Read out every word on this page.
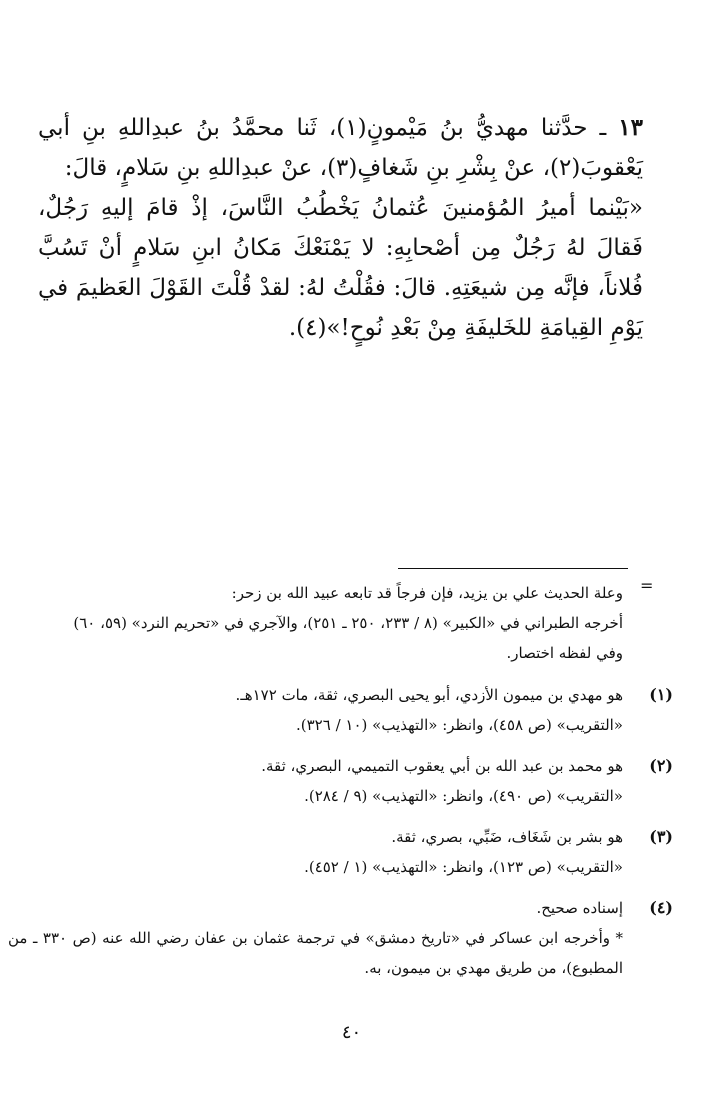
١٣ ـ حدَّثنا مهديُّ بنُ مَيْمونٍ(١)، ثَنا محمَّدُ بنُ عبدِاللهِ بنِ أبي يَعْقوبَ(٢)، عنْ بِشْرِ بنِ شَغافٍ(٣)، عنْ عبدِاللهِ بنِ سَلامٍ، قالَ:

«بَيْنما أميرُ المُؤمنينَ عُثمانُ يَخْطُبُ النَّاسَ، إذْ قامَ إليهِ رَجُلٌ، فَقالَ لهُ رَجُلٌ مِن أصْحابِهِ: لا يَمْنَعْكَ مَكانُ ابنِ سَلامٍ أنْ تَسُبَّ فُلاناً، فإنَّه مِن شيعَتِهِ. قالَ: فقُلْتُ لهُ: لقدْ قُلْتَ القَوْلَ العَظيمَ في يَوْمِ القِيامَةِ للخَليفَةِ مِنْ بَعْدِ نُوحٍ!»(٤).

=

وعلة الحديث علي بن يزيد، فإن فرجاً قد تابعه عبيد الله بن زحر:

أخرجه الطبراني في «الكبير» (٨ / ٢٣٣، ٢٥٠ ـ ٢٥١)، والآجري في «تحريم النرد» (٥٩، ٦٠) وفي لفظه اختصار.

(١)

هو مهدي بن ميمون الأزدي، أبو يحيى البصري، ثقة، مات ١٧٢هـ.

«التقريب» (ص ٤٥٨)، وانظر: «التهذيب» (١٠ / ٣٢٦).

(٢)

هو محمد بن عبد الله بن أبي يعقوب التميمي، البصري، ثقة.

«التقريب» (ص ٤٩٠)، وانظر: «التهذيب» (٩ / ٢٨٤).

(٣)

هو بشر بن شَغَاف، ضَبِّي، بصري، ثقة.

«التقريب» (ص ١٢٣)، وانظر: «التهذيب» (١ / ٤٥٢).

(٤)

إسناده صحيح.

* وأخرجه ابن عساكر في «تاريخ دمشق» في ترجمة عثمان بن عفان رضي الله عنه (ص ٣٣٠ ـ من المطبوع)، من طريق مهدي بن ميمون، به.

٤٠
